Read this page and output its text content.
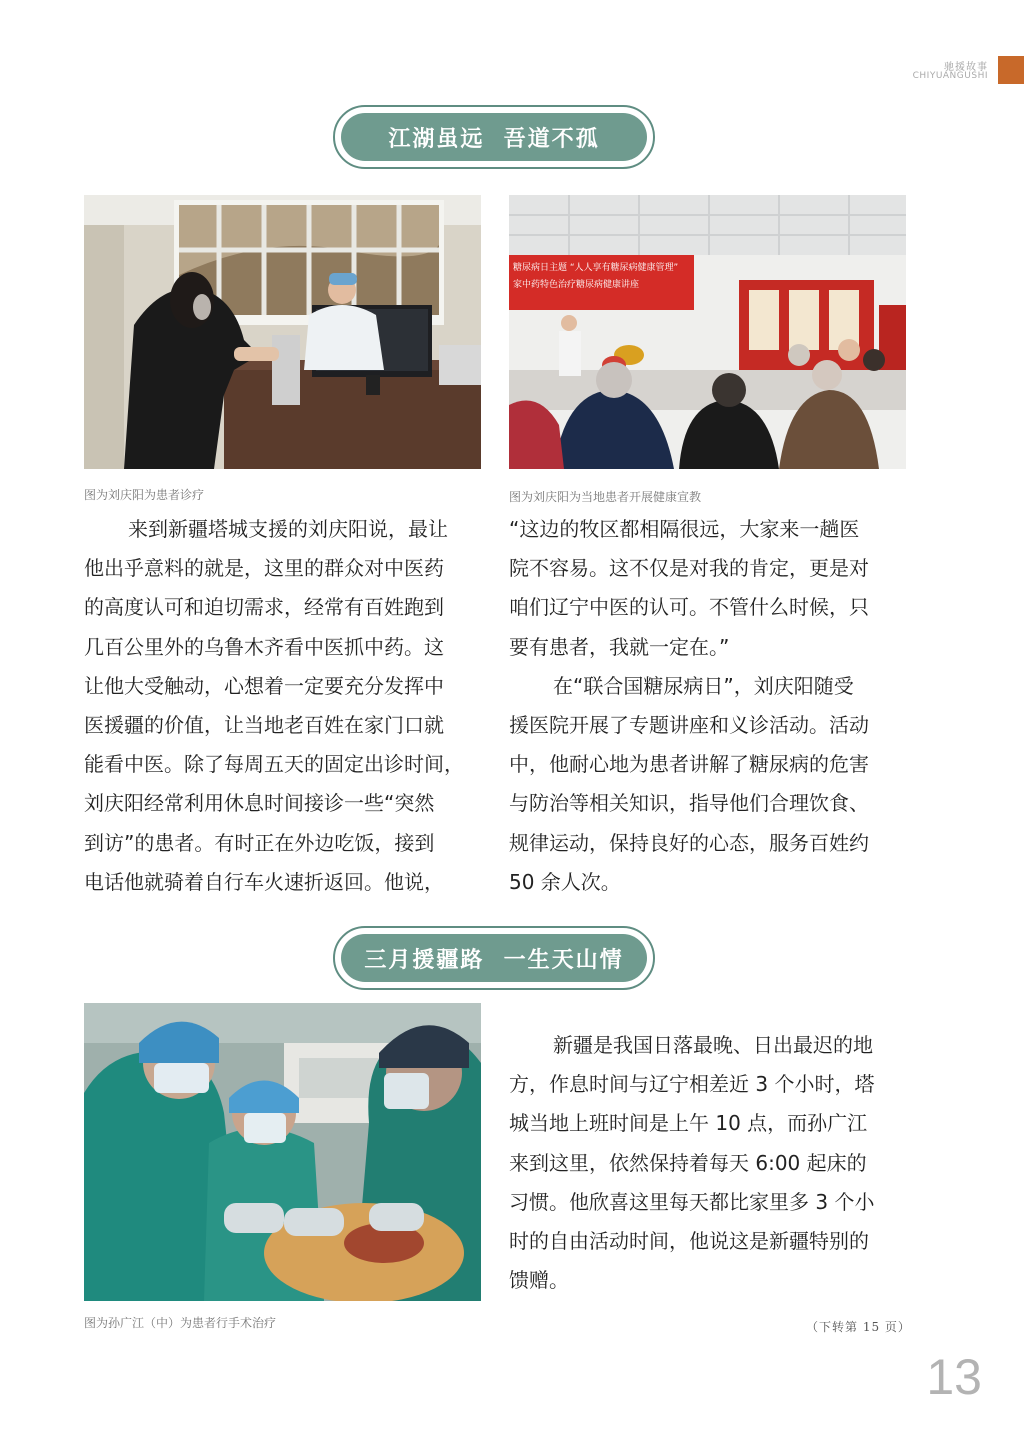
驰援故事
CHIYUANGUSHI
江湖虽远  吾道不孤
图为刘庆阳为患者诊疗
糖尿病日主题 “人人享有糖尿病健康管理”
家中药特色治疗糖尿病健康讲座
图为刘庆阳为当地患者开展健康宣教
来到新疆塔城支援的刘庆阳说，最让
他出乎意料的就是，这里的群众对中医药
的高度认可和迫切需求，经常有百姓跑到
几百公里外的乌鲁木齐看中医抓中药。这
让他大受触动，心想着一定要充分发挥中
医援疆的价值，让当地老百姓在家门口就
能看中医。除了每周五天的固定出诊时间，
刘庆阳经常利用休息时间接诊一些“突然
到访”的患者。有时正在外边吃饭，接到
电话他就骑着自行车火速折返回。他说，
“这边的牧区都相隔很远，大家来一趟医
院不容易。这不仅是对我的肯定，更是对
咱们辽宁中医的认可。不管什么时候，只
要有患者，我就一定在。”
在“联合国糖尿病日”，刘庆阳随受
援医院开展了专题讲座和义诊活动。活动
中，他耐心地为患者讲解了糖尿病的危害
与防治等相关知识，指导他们合理饮食、
规律运动，保持良好的心态，服务百姓约
50 余人次。
三月援疆路  一生天山情
图为孙广江（中）为患者行手术治疗
新疆是我国日落最晚、日出最迟的地
方，作息时间与辽宁相差近 3 个小时，塔
城当地上班时间是上午 10 点，而孙广江
来到这里，依然保持着每天 6:00 起床的
习惯。他欣喜这里每天都比家里多 3 个小
时的自由活动时间，他说这是新疆特别的
馈赠。
（下转第 15 页）
13
